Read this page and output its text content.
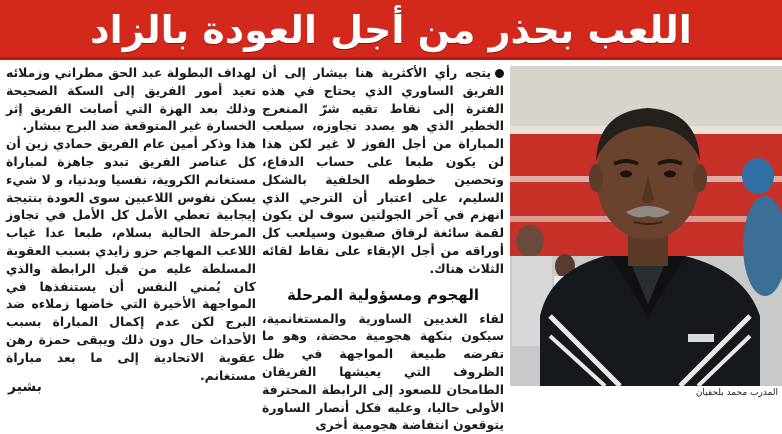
اللعب بحذر من أجل العودة بالزاد
المدرب محمد بلحفيان

يتجه رأي الأكثرية هنا بيشار إلى أن الفريق الساوري الذي يحتاج في هذه الفترة إلى نقاط تقيه شرّ المنعرج الخطير الذي هو بصدد تجاوزه، سيلعب المباراة من أجل الفوز لا غير لكن هذا لن يكون طبعا على حساب الدفاع، وتحصين خطوطه الخلفية بالشكل السليم، على اعتبار أن الترجي الذي انهزم في آخر الجولتين سوف لن يكون لقمة سائغة لرفاق صفيون وسيلعب كل أوراقه من أجل الإبقاء على نقاط لقائه الثلاث هناك.

الهجوم ومسؤولية المرحلة

لقاء الغديين الساورية والمستغانمية، سيكون بنكهة هجومية محضة، وهو ما تفرضه طبيعة المواجهة في ظل الظروف التي يعيشها الفريقان الطامحان للصعود إلى الرابطة المحترفة الأولى حاليا، وعليه فكل أنصار الساورة يتوقعون انتفاضة هجومية أخرى

لهداف البطولة عبد الحق مطراني وزملائه تعيد أمور الفريق إلى السكة الصحيحة وذلك بعد الهزة التي أصابت الفريق إثر الخسارة غير المتوقعة ضد البرج ببشار.

هذا وذكر أمين عام الفريق حمادي زين أن كل عناصر الفريق تبدو جاهزة لمباراة مستغانم الكروية، نفسيا وبدنيا، و لا شيء يسكن نفوس اللاعبين سوى العودة بنتيجة إيجابية تعطي الأمل كل الأمل في تجاوز المرحلة الحالية بسلام، طبعا عدا غياب اللاعب المهاجم حزو زايدي بسبب العقوبة المسلطة عليه من قبل الرابطة والذي كان يُمني النفس أن يستنفذها في المواجهة الأخيرة التي خاضها زملاءه ضد البرج لكن عدم إكمال المباراة بسبب الأحداث حال دون ذلك ويبقى حمزة رهن عقوبة الاتحادية إلى ما بعد مباراة مستغانم.

بشير
